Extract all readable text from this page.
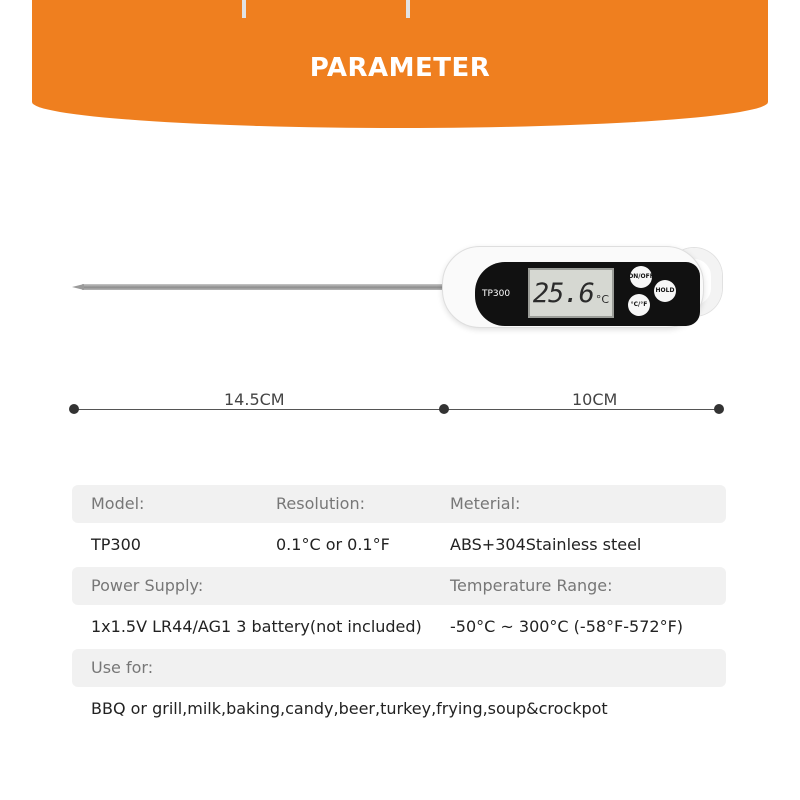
PARAMETER
TP300 25.6 °C
ON/OFF
HOLD
°C/°F
14.5CM	10CM
Model:	Resolution:	Meterial:
TP300	0.1°C or 0.1°F	ABS+304Stainless steel
Power Supply:	Temperature Range:
1x1.5V LR44/AG1 3 battery(not included) -50°C ~ 300°C (-58°F-572°F)
Use for:
BBQ or grill,milk,baking,candy,beer,turkey,frying,soup&crockpot
